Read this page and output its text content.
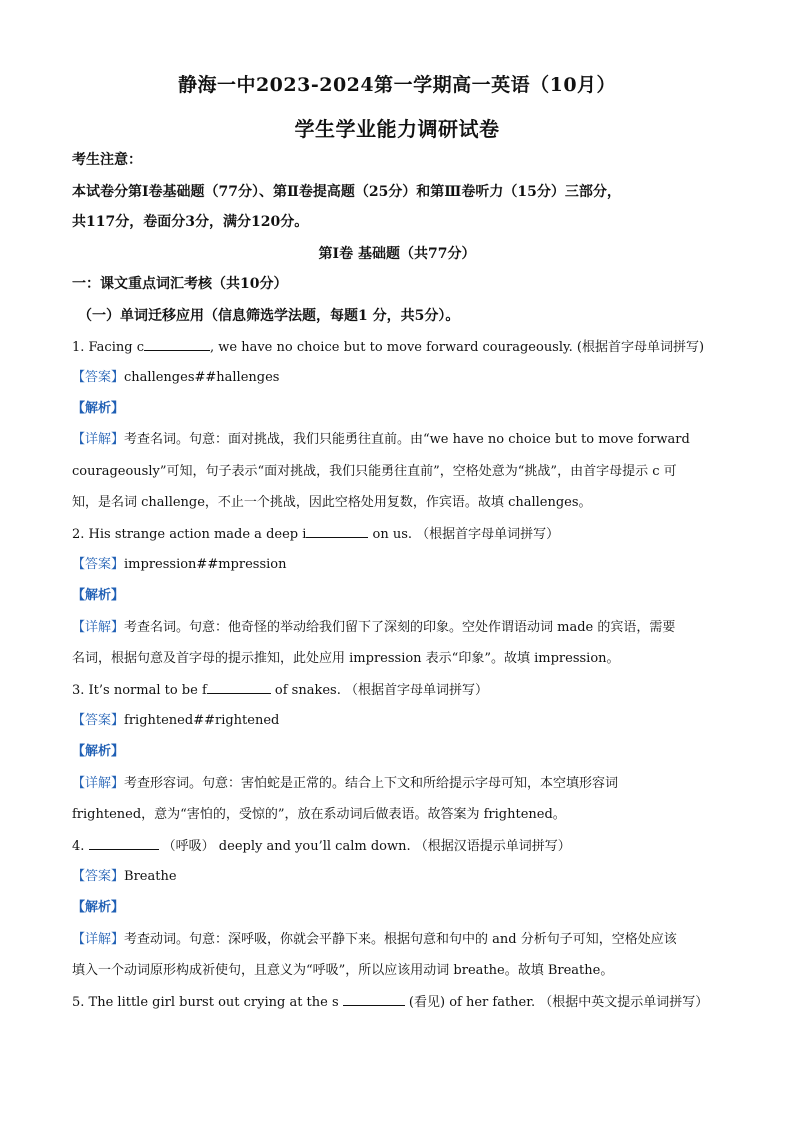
静海一中2023-2024第一学期高一英语（10月）
学生学业能力调研试卷
考生注意：
本试卷分第Ⅰ卷基础题（77分）、第Ⅱ卷提高题（25分）和第Ⅲ卷听力（15分）三部分，
共117分，卷面分3分，满分120分。
第Ⅰ卷 基础题（共77分）
一：课文重点词汇考核（共10分）
（一）单词迁移应用（信息筛选学法题，每题1 分，共5分）。
1. Facing c	, we have no choice but to move forward courageously. (根据首字母单词拼写)
【答案】challenges##hallenges
【解析】
【详解】考查名词。句意：面对挑战，我们只能勇往直前。由“we have no choice but to move forward
courageously”可知，句子表示“面对挑战，我们只能勇往直前”，空格处意为“挑战”，由首字母提示 c 可
知，是名词 challenge，不止一个挑战，因此空格处用复数，作宾语。故填 challenges。
2. His strange action made a deep i	on us. （根据首字母单词拼写）
【答案】impression##mpression
【解析】
【详解】考查名词。句意：他奇怪的举动给我们留下了深刻的印象。空处作谓语动词 made 的宾语，需要
名词，根据句意及首字母的提示推知，此处应用 impression 表示“印象”。故填 impression。
3. It’s normal to be f	of snakes. （根据首字母单词拼写）
【答案】frightened##rightened
【解析】
【详解】考查形容词。句意：害怕蛇是正常的。结合上下文和所给提示字母可知，本空填形容词
frightened，意为“害怕的，受惊的”，放在系动词后做表语。故答案为 frightened。
4.	（呼吸） deeply and you’ll calm down. （根据汉语提示单词拼写）
【答案】Breathe
【解析】
【详解】考查动词。句意：深呼吸，你就会平静下来。根据句意和句中的 and 分析句子可知，空格处应该
填入一个动词原形构成祈使句，且意义为“呼吸”，所以应该用动词 breathe。故填 Breathe。
5. The little girl burst out crying at the s	(看见) of her father. （根据中英文提示单词拼写）
